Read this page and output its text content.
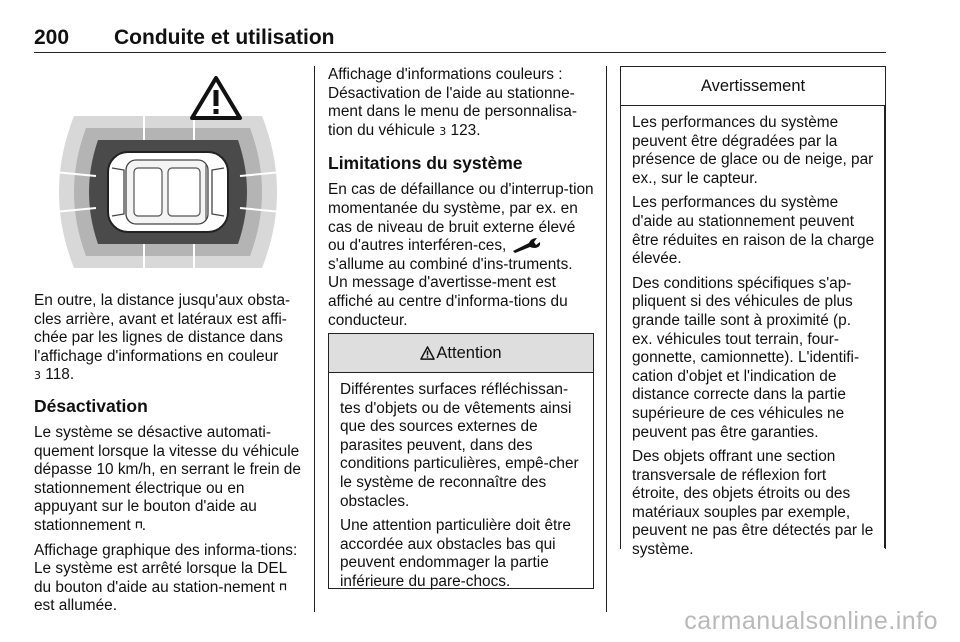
200 Conduite et utilisation

En outre, la distance jusqu'aux obsta-cles arrière, avant et latéraux est affi-chée par les lignes de distance dans l'affichage d'informations en couleur
3 118.

Désactivation

Le système se désactive automati-quement lorsque la vitesse du véhicule dépasse 10 km/h, en serrant le frein de stationnement électrique ou en appuyant sur le bouton d'aide au stationnement ⊓.

Affichage graphique des informa-tions: Le système est arrêté lorsque la DEL du bouton d'aide au station-nement ⊓ est allumée.

Affichage d'informations couleurs : Désactivation de l'aide au stationne-ment dans le menu de personnalisa-tion du véhicule 3 123.

Limitations du système

En cas de défaillance ou d'interrup-tion momentanée du système, par ex. en cas de niveau de bruit externe élevé ou d'autres interféren-ces,  s'allume au combiné d'ins-truments. Un message d'avertisse-ment est affiché au centre d'informa-tions du conducteur.

Attention

Différentes surfaces réfléchissan-tes d'objets ou de vêtements ainsi que des sources externes de parasites peuvent, dans des conditions particulières, empê-cher le système de reconnaître des obstacles.

Une attention particulière doit être accordée aux obstacles bas qui peuvent endommager la partie inférieure du pare-chocs.

Avertissement

Les performances du système peuvent être dégradées par la présence de glace ou de neige, par ex., sur le capteur.

Les performances du système d'aide au stationnement peuvent être réduites en raison de la charge élevée.

Des conditions spécifiques s'ap-pliquent si des véhicules de plus grande taille sont à proximité (p. ex. véhicules tout terrain, four-gonnette, camionnette). L'identifi-cation d'objet et l'indication de distance correcte dans la partie supérieure de ces véhicules ne peuvent pas être garanties.

Des objets offrant une section transversale de réflexion fort étroite, des objets étroits ou des matériaux souples par exemple, peuvent ne pas être détectés par le système.

carmanualsonline.info
